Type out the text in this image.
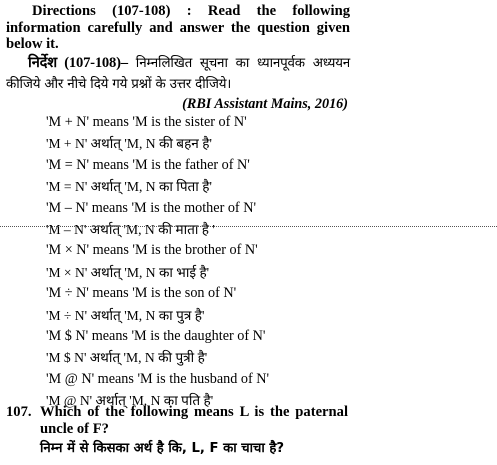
Directions (107-108) : Read the following information carefully and answer the question given below it.
निर्देश (107-108)– निम्नलिखित सूचना का ध्यानपूर्वक अध्ययन कीजिये और नीचे दिये गये प्रश्नों के उत्तर दीजिये।
(RBI Assistant Mains, 2016)
'M + N' means 'M is the sister of N'
'M + N' अर्थात् 'M, N की बहन है'
'M = N' means 'M is the father of N'
'M = N' अर्थात् 'M, N का पिता है'
'M – N' means 'M is the mother of N'
'M – N' अर्थात् 'M, N की माता है '
'M × N' means 'M is the brother of N'
'M × N' अर्थात् 'M, N का भाई है'
'M ÷ N' means 'M is the son of N'
'M ÷ N' अर्थात् 'M, N का पुत्र है'
'M $ N' means 'M is the daughter of N'
'M $ N' अर्थात् 'M, N की पुत्री है'
'M @ N' means 'M is the husband of N'
'M @ N' अर्थात् 'M, N का पति है'
107. Which of the following means L is the paternal uncle of F?
निम्न में से किसका अर्थ है कि, L, F का चाचा है?
